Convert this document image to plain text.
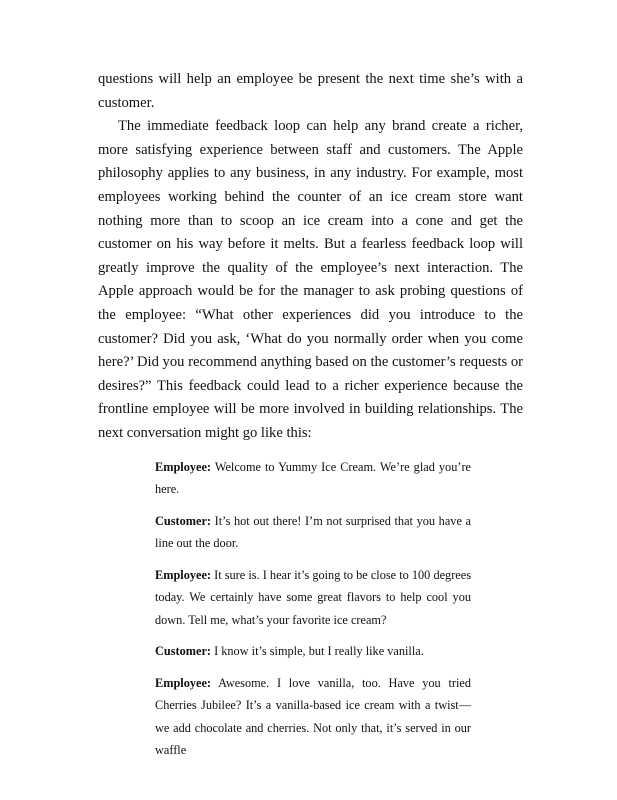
questions will help an employee be present the next time she’s with a customer.

The immediate feedback loop can help any brand create a richer, more satisfying experience between staff and customers. The Apple philosophy applies to any business, in any industry. For example, most employees working behind the counter of an ice cream store want nothing more than to scoop an ice cream into a cone and get the customer on his way before it melts. But a fearless feedback loop will greatly improve the quality of the employee’s next interaction. The Apple approach would be for the manager to ask probing questions of the employee: “What other experiences did you introduce to the customer? Did you ask, ‘What do you normally order when you come here?’ Did you recommend anything based on the customer’s requests or desires?” This feedback could lead to a richer experience because the frontline employee will be more involved in building relationships. The next conversation might go like this:

Employee: Welcome to Yummy Ice Cream. We’re glad you’re here.

Customer: It’s hot out there! I’m not surprised that you have a line out the door.

Employee: It sure is. I hear it’s going to be close to 100 degrees today. We certainly have some great flavors to help cool you down. Tell me, what’s your favorite ice cream?

Customer: I know it’s simple, but I really like vanilla.

Employee: Awesome. I love vanilla, too. Have you tried Cherries Jubilee? It’s a vanilla-based ice cream with a twist—we add chocolate and cherries. Not only that, it’s served in our waffle
